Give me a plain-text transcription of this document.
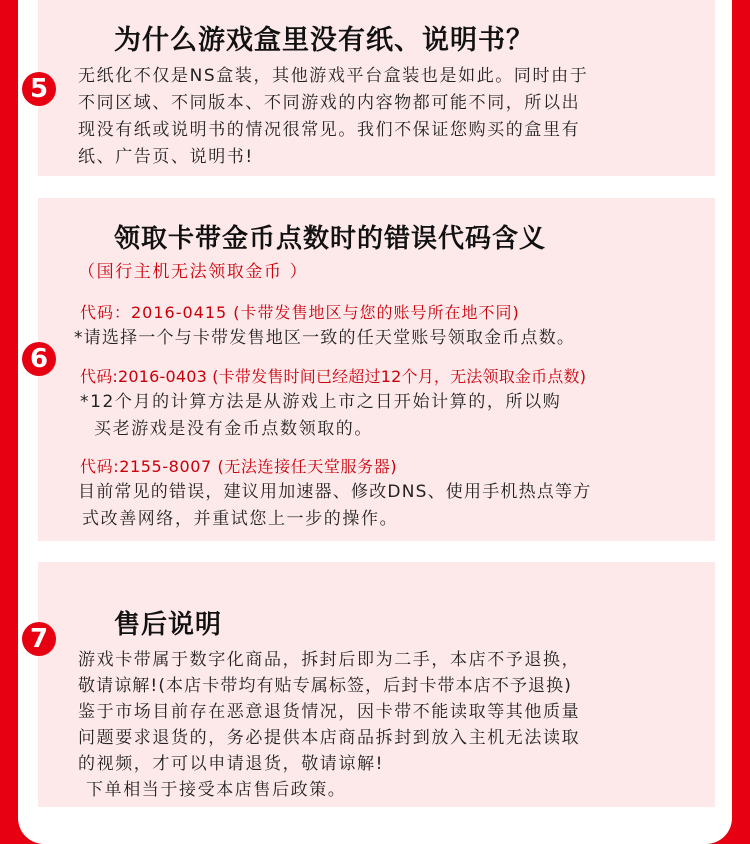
为什么游戏盒里没有纸、说明书？
5	无纸化不仅是NS盒装，其他游戏平台盒装也是如此。同时由于
不同区域、不同版本、不同游戏的内容物都可能不同，所以出
现没有纸或说明书的情况很常见。我们不保证您购买的盒里有
纸、广告页、说明书!
领取卡带金币点数时的错误代码含义
（国行主机无法领取金币 ）
6
代码：2016-0415 (卡带发售地区与您的账号所在地不同)
*请选择一个与卡带发售地区一致的任天堂账号领取金币点数。
代码:2016-0403 (卡带发售时间已经超过12个月，无法领取金币点数)
*12个月的计算方法是从游戏上市之日开始计算的，所以购
买老游戏是没有金币点数领取的。
代码:2155-8007 (无法连接任天堂服务器)
目前常见的错误，建议用加速器、修改DNS、使用手机热点等方
式改善网络，并重试您上一步的操作。
售后说明
7
游戏卡带属于数字化商品，拆封后即为二手，本店不予退换，
敬请谅解!(本店卡带均有贴专属标签，后封卡带本店不予退换)
鉴于市场目前存在恶意退货情况，因卡带不能读取等其他质量
问题要求退货的，务必提供本店商品拆封到放入主机无法读取
的视频，才可以申请退货，敬请谅解!
下单相当于接受本店售后政策。
